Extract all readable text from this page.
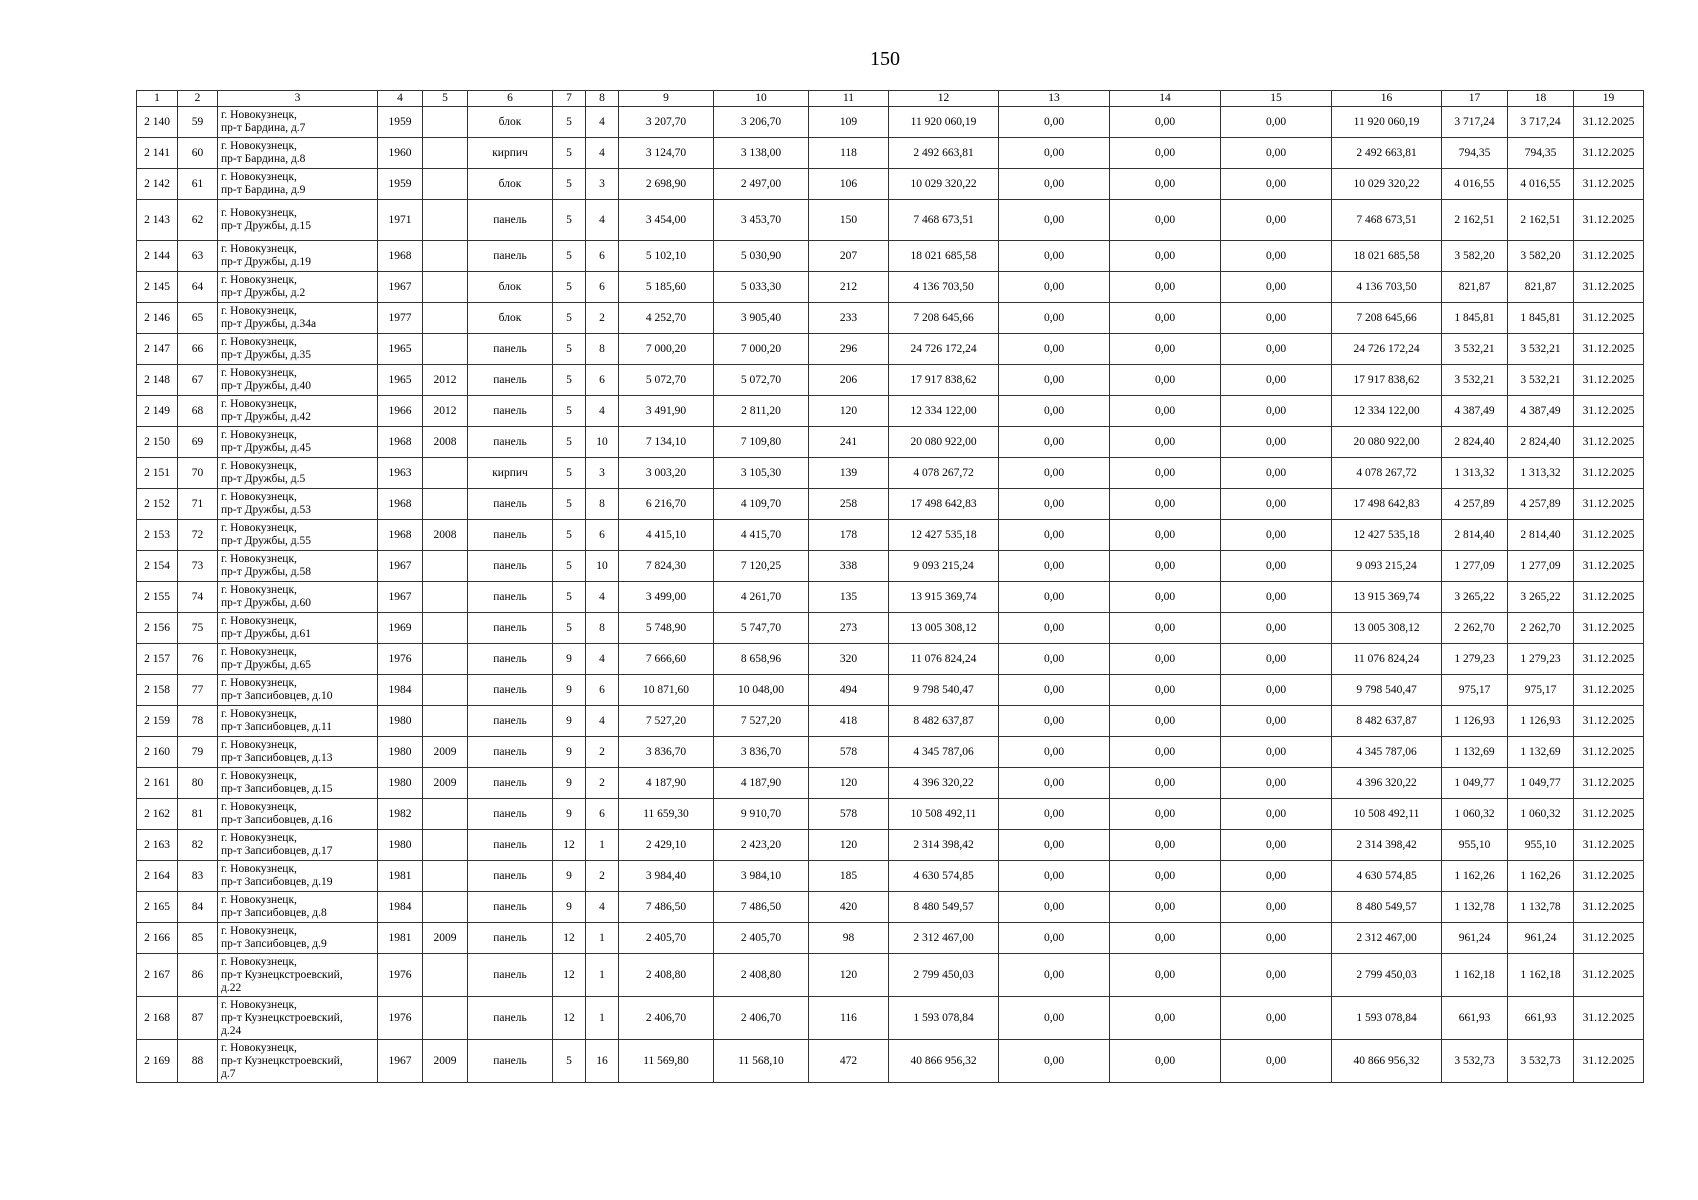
150
1	2	3	4	5	6	7	8	9	10	11	12	13	14	15	16	17	18	19
2 140	59	г. Новокузнецк,
пр-т Бардина, д.7	1959		блок	5	4	3 207,70	3 206,70	109	11 920 060,19	0,00	0,00	0,00	11 920 060,19	3 717,24	3 717,24	31.12.2025
2 141	60	г. Новокузнецк,
пр-т Бардина, д.8	1960		кирпич	5	4	3 124,70	3 138,00	118	2 492 663,81	0,00	0,00	0,00	2 492 663,81	794,35	794,35	31.12.2025
2 142	61	г. Новокузнецк,
пр-т Бардина, д.9	1959		блок	5	3	2 698,90	2 497,00	106	10 029 320,22	0,00	0,00	0,00	10 029 320,22	4 016,55	4 016,55	31.12.2025
2 143	62	г. Новокузнецк,
пр-т Дружбы, д.15	1971		панель	5	4	3 454,00	3 453,70	150	7 468 673,51	0,00	0,00	0,00	7 468 673,51	2 162,51	2 162,51	31.12.2025
2 144	63	г. Новокузнецк,
пр-т Дружбы, д.19	1968		панель	5	6	5 102,10	5 030,90	207	18 021 685,58	0,00	0,00	0,00	18 021 685,58	3 582,20	3 582,20	31.12.2025
2 145	64	г. Новокузнецк,
пр-т Дружбы, д.2	1967		блок	5	6	5 185,60	5 033,30	212	4 136 703,50	0,00	0,00	0,00	4 136 703,50	821,87	821,87	31.12.2025
2 146	65	г. Новокузнецк,
пр-т Дружбы, д.34а	1977		блок	5	2	4 252,70	3 905,40	233	7 208 645,66	0,00	0,00	0,00	7 208 645,66	1 845,81	1 845,81	31.12.2025
2 147	66	г. Новокузнецк,
пр-т Дружбы, д.35	1965		панель	5	8	7 000,20	7 000,20	296	24 726 172,24	0,00	0,00	0,00	24 726 172,24	3 532,21	3 532,21	31.12.2025
2 148	67	г. Новокузнецк,
пр-т Дружбы, д.40	1965	2012	панель	5	6	5 072,70	5 072,70	206	17 917 838,62	0,00	0,00	0,00	17 917 838,62	3 532,21	3 532,21	31.12.2025
2 149	68	г. Новокузнецк,
пр-т Дружбы, д.42	1966	2012	панель	5	4	3 491,90	2 811,20	120	12 334 122,00	0,00	0,00	0,00	12 334 122,00	4 387,49	4 387,49	31.12.2025
2 150	69	г. Новокузнецк,
пр-т Дружбы, д.45	1968	2008	панель	5	10	7 134,10	7 109,80	241	20 080 922,00	0,00	0,00	0,00	20 080 922,00	2 824,40	2 824,40	31.12.2025
2 151	70	г. Новокузнецк,
пр-т Дружбы, д.5	1963		кирпич	5	3	3 003,20	3 105,30	139	4 078 267,72	0,00	0,00	0,00	4 078 267,72	1 313,32	1 313,32	31.12.2025
2 152	71	г. Новокузнецк,
пр-т Дружбы, д.53	1968		панель	5	8	6 216,70	4 109,70	258	17 498 642,83	0,00	0,00	0,00	17 498 642,83	4 257,89	4 257,89	31.12.2025
2 153	72	г. Новокузнецк,
пр-т Дружбы, д.55	1968	2008	панель	5	6	4 415,10	4 415,70	178	12 427 535,18	0,00	0,00	0,00	12 427 535,18	2 814,40	2 814,40	31.12.2025
2 154	73	г. Новокузнецк,
пр-т Дружбы, д.58	1967		панель	5	10	7 824,30	7 120,25	338	9 093 215,24	0,00	0,00	0,00	9 093 215,24	1 277,09	1 277,09	31.12.2025
2 155	74	г. Новокузнецк,
пр-т Дружбы, д.60	1967		панель	5	4	3 499,00	4 261,70	135	13 915 369,74	0,00	0,00	0,00	13 915 369,74	3 265,22	3 265,22	31.12.2025
2 156	75	г. Новокузнецк,
пр-т Дружбы, д.61	1969		панель	5	8	5 748,90	5 747,70	273	13 005 308,12	0,00	0,00	0,00	13 005 308,12	2 262,70	2 262,70	31.12.2025
2 157	76	г. Новокузнецк,
пр-т Дружбы, д.65	1976		панель	9	4	7 666,60	8 658,96	320	11 076 824,24	0,00	0,00	0,00	11 076 824,24	1 279,23	1 279,23	31.12.2025
2 158	77	г. Новокузнецк,
пр-т Запсибовцев, д.10	1984		панель	9	6	10 871,60	10 048,00	494	9 798 540,47	0,00	0,00	0,00	9 798 540,47	975,17	975,17	31.12.2025
2 159	78	г. Новокузнецк,
пр-т Запсибовцев, д.11	1980		панель	9	4	7 527,20	7 527,20	418	8 482 637,87	0,00	0,00	0,00	8 482 637,87	1 126,93	1 126,93	31.12.2025
2 160	79	г. Новокузнецк,
пр-т Запсибовцев, д.13	1980	2009	панель	9	2	3 836,70	3 836,70	578	4 345 787,06	0,00	0,00	0,00	4 345 787,06	1 132,69	1 132,69	31.12.2025
2 161	80	г. Новокузнецк,
пр-т Запсибовцев, д.15	1980	2009	панель	9	2	4 187,90	4 187,90	120	4 396 320,22	0,00	0,00	0,00	4 396 320,22	1 049,77	1 049,77	31.12.2025
2 162	81	г. Новокузнецк,
пр-т Запсибовцев, д.16	1982		панель	9	6	11 659,30	9 910,70	578	10 508 492,11	0,00	0,00	0,00	10 508 492,11	1 060,32	1 060,32	31.12.2025
2 163	82	г. Новокузнецк,
пр-т Запсибовцев, д.17	1980		панель	12	1	2 429,10	2 423,20	120	2 314 398,42	0,00	0,00	0,00	2 314 398,42	955,10	955,10	31.12.2025
2 164	83	г. Новокузнецк,
пр-т Запсибовцев, д.19	1981		панель	9	2	3 984,40	3 984,10	185	4 630 574,85	0,00	0,00	0,00	4 630 574,85	1 162,26	1 162,26	31.12.2025
2 165	84	г. Новокузнецк,
пр-т Запсибовцев, д.8	1984		панель	9	4	7 486,50	7 486,50	420	8 480 549,57	0,00	0,00	0,00	8 480 549,57	1 132,78	1 132,78	31.12.2025
2 166	85	г. Новокузнецк,
пр-т Запсибовцев, д.9	1981	2009	панель	12	1	2 405,70	2 405,70	98	2 312 467,00	0,00	0,00	0,00	2 312 467,00	961,24	961,24	31.12.2025
2 167	86	г. Новокузнецк,
пр-т Кузнецкстроевский,
д.22	1976		панель	12	1	2 408,80	2 408,80	120	2 799 450,03	0,00	0,00	0,00	2 799 450,03	1 162,18	1 162,18	31.12.2025
2 168	87	г. Новокузнецк,
пр-т Кузнецкстроевский,
д.24	1976		панель	12	1	2 406,70	2 406,70	116	1 593 078,84	0,00	0,00	0,00	1 593 078,84	661,93	661,93	31.12.2025
2 169	88	г. Новокузнецк,
пр-т Кузнецкстроевский,
д.7	1967	2009	панель	5	16	11 569,80	11 568,10	472	40 866 956,32	0,00	0,00	0,00	40 866 956,32	3 532,73	3 532,73	31.12.2025
